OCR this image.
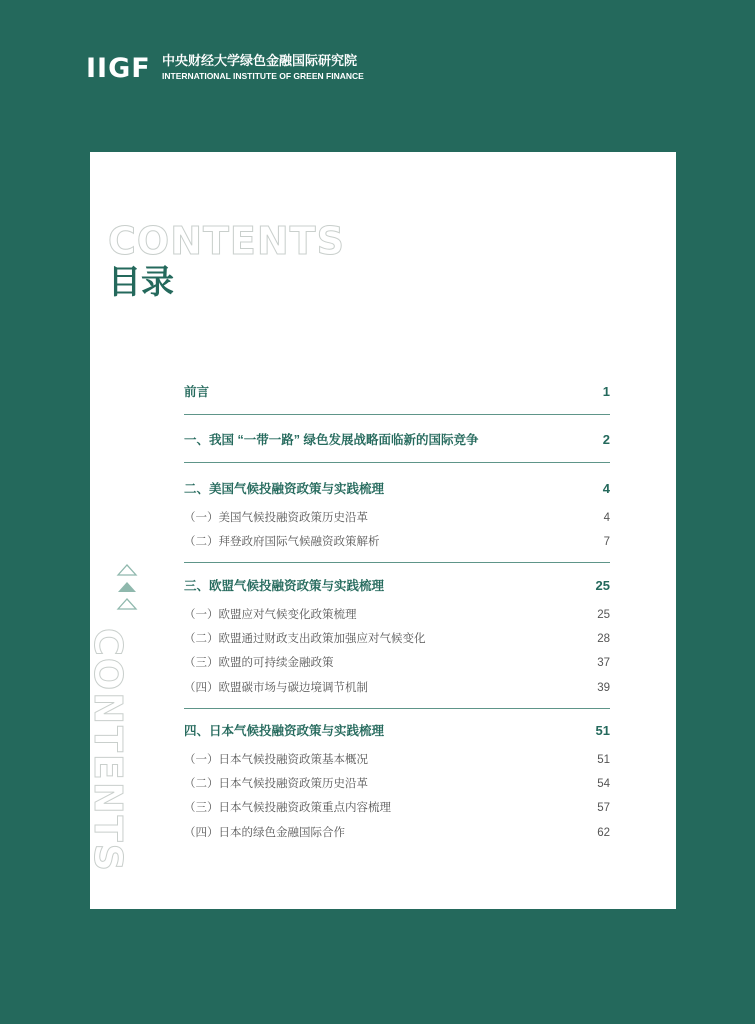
IIGF 中央财经大学绿色金融国际研究院
INTERNATIONAL INSTITUTE OF GREEN FINANCE
CONTENTS
目录
CONTENTS
前言	1
一、我国 “一带一路” 绿色发展战略面临新的国际竞争	2
二、美国气候投融资政策与实践梳理	4
（一）美国气候投融资政策历史沿革	4
（二）拜登政府国际气候融资政策解析	7
三、欧盟气候投融资政策与实践梳理	25
（一）欧盟应对气候变化政策梳理	25
（二）欧盟通过财政支出政策加强应对气候变化	28
（三）欧盟的可持续金融政策	37
（四）欧盟碳市场与碳边境调节机制	39
四、日本气候投融资政策与实践梳理	51
（一）日本气候投融资政策基本概况	51
（二）日本气候投融资政策历史沿革	54
（三）日本气候投融资政策重点内容梳理	57
（四）日本的绿色金融国际合作	62
